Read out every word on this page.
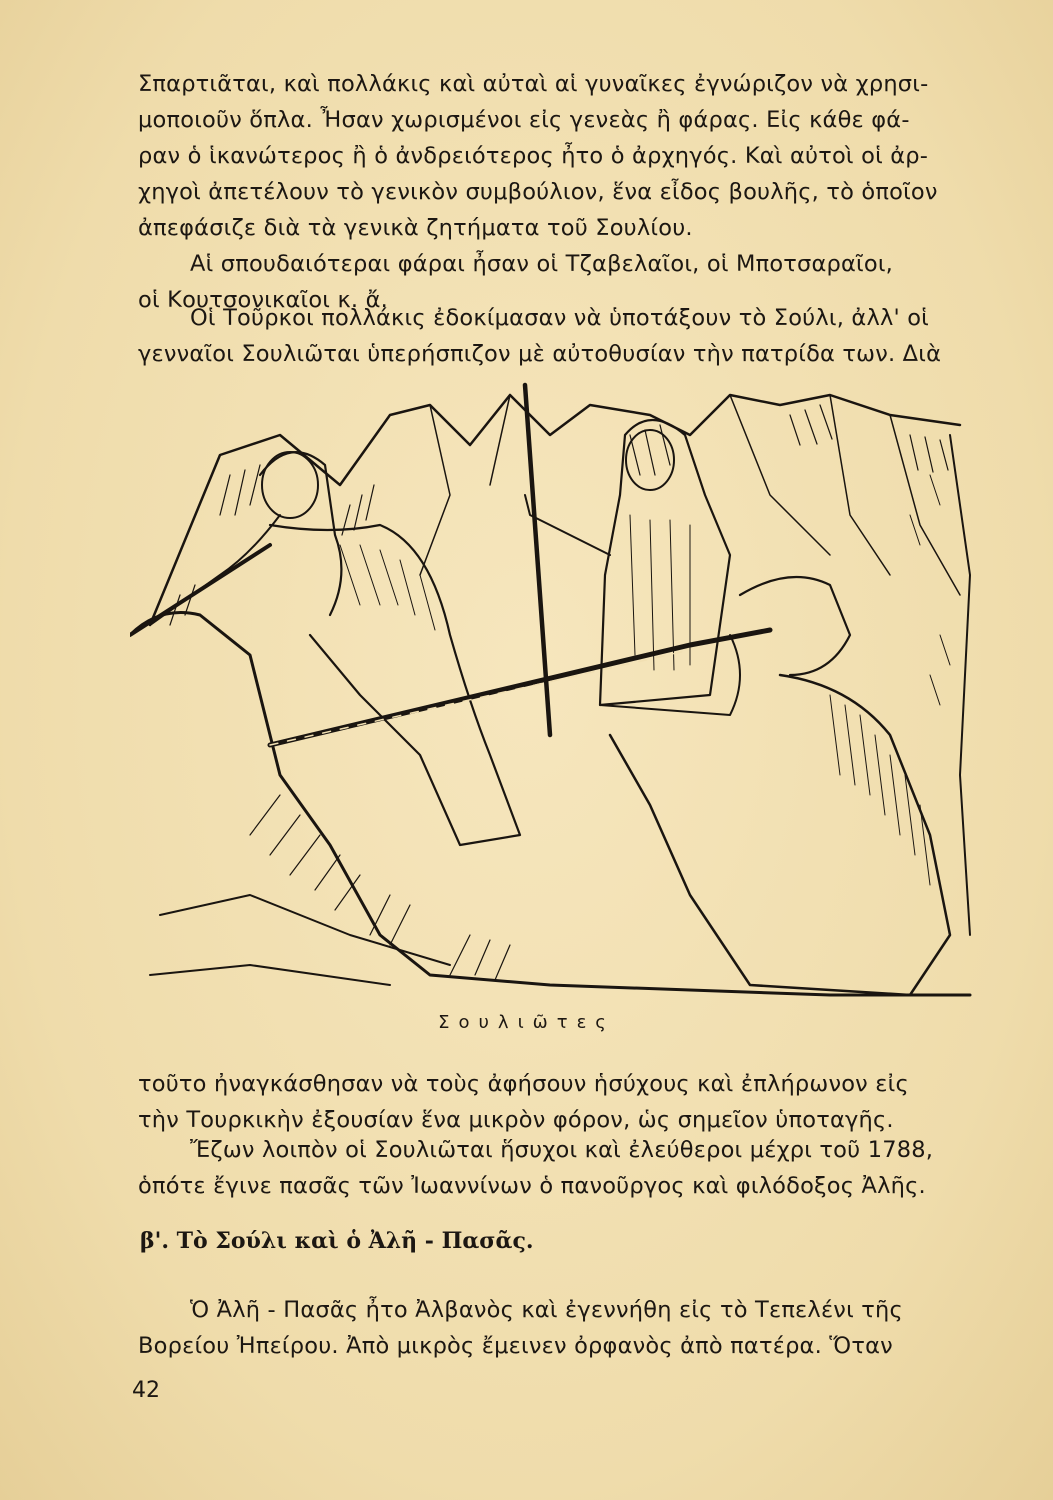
Σπαρτιᾶται, καὶ πολλάκις καὶ αὐταὶ αἱ γυναῖκες ἐγνώριζον νὰ χρησι-
μοποιοῦν ὅπλα. Ἦσαν χωρισμένοι εἰς γενεὰς ἢ φάρας. Εἰς κάθε φά-
ραν ὁ ἱκανώτερος ἢ ὁ ἀνδρειότερος ἦτο ὁ ἀρχηγός. Καὶ αὐτοὶ οἱ ἀρ-
χηγοὶ ἀπετέλουν τὸ γενικὸν συμβούλιον, ἕνα εἶδος βουλῆς, τὸ ὁποῖον
ἀπεφάσιζε διὰ τὰ γενικὰ ζητήματα τοῦ Σουλίου.

Αἱ σπουδαιότεραι φάραι ἦσαν οἱ Τζαβελαῖοι, οἱ Μποτσαραῖοι,
οἱ Κουτσονικαῖοι κ. ἄ.

Οἱ Τοῦρκοι πολλάκις ἐδοκίμασαν νὰ ὑποτάξουν τὸ Σούλι, ἀλλ' οἱ
γενναῖοι Σουλιῶται ὑπερήσπιζον μὲ αὐτοθυσίαν τὴν πατρίδα των. Διὰ

Σουλιῶτες

τοῦτο ἠναγκάσθησαν νὰ τοὺς ἀφήσουν ἡσύχους καὶ ἐπλήρωνον εἰς
τὴν Τουρκικὴν ἐξουσίαν ἕνα μικρὸν φόρον, ὡς σημεῖον ὑποταγῆς.

Ἔζων λοιπὸν οἱ Σουλιῶται ἥσυχοι καὶ ἐλεύθεροι μέχρι τοῦ 1788,
ὁπότε ἔγινε πασᾶς τῶν Ἰωαννίνων ὁ πανοῦργος καὶ φιλόδοξος Ἀλῆς.

β'. Τὸ Σούλι καὶ ὁ Ἀλῆ - Πασᾶς.

Ὁ Ἀλῆ - Πασᾶς ἦτο Ἀλβανὸς καὶ ἐγεννήθη εἰς τὸ Τεπελένι τῆς
Βορείου Ἠπείρου. Ἀπὸ μικρὸς ἔμεινεν ὀρφανὸς ἀπὸ πατέρα. Ὅταν

42
